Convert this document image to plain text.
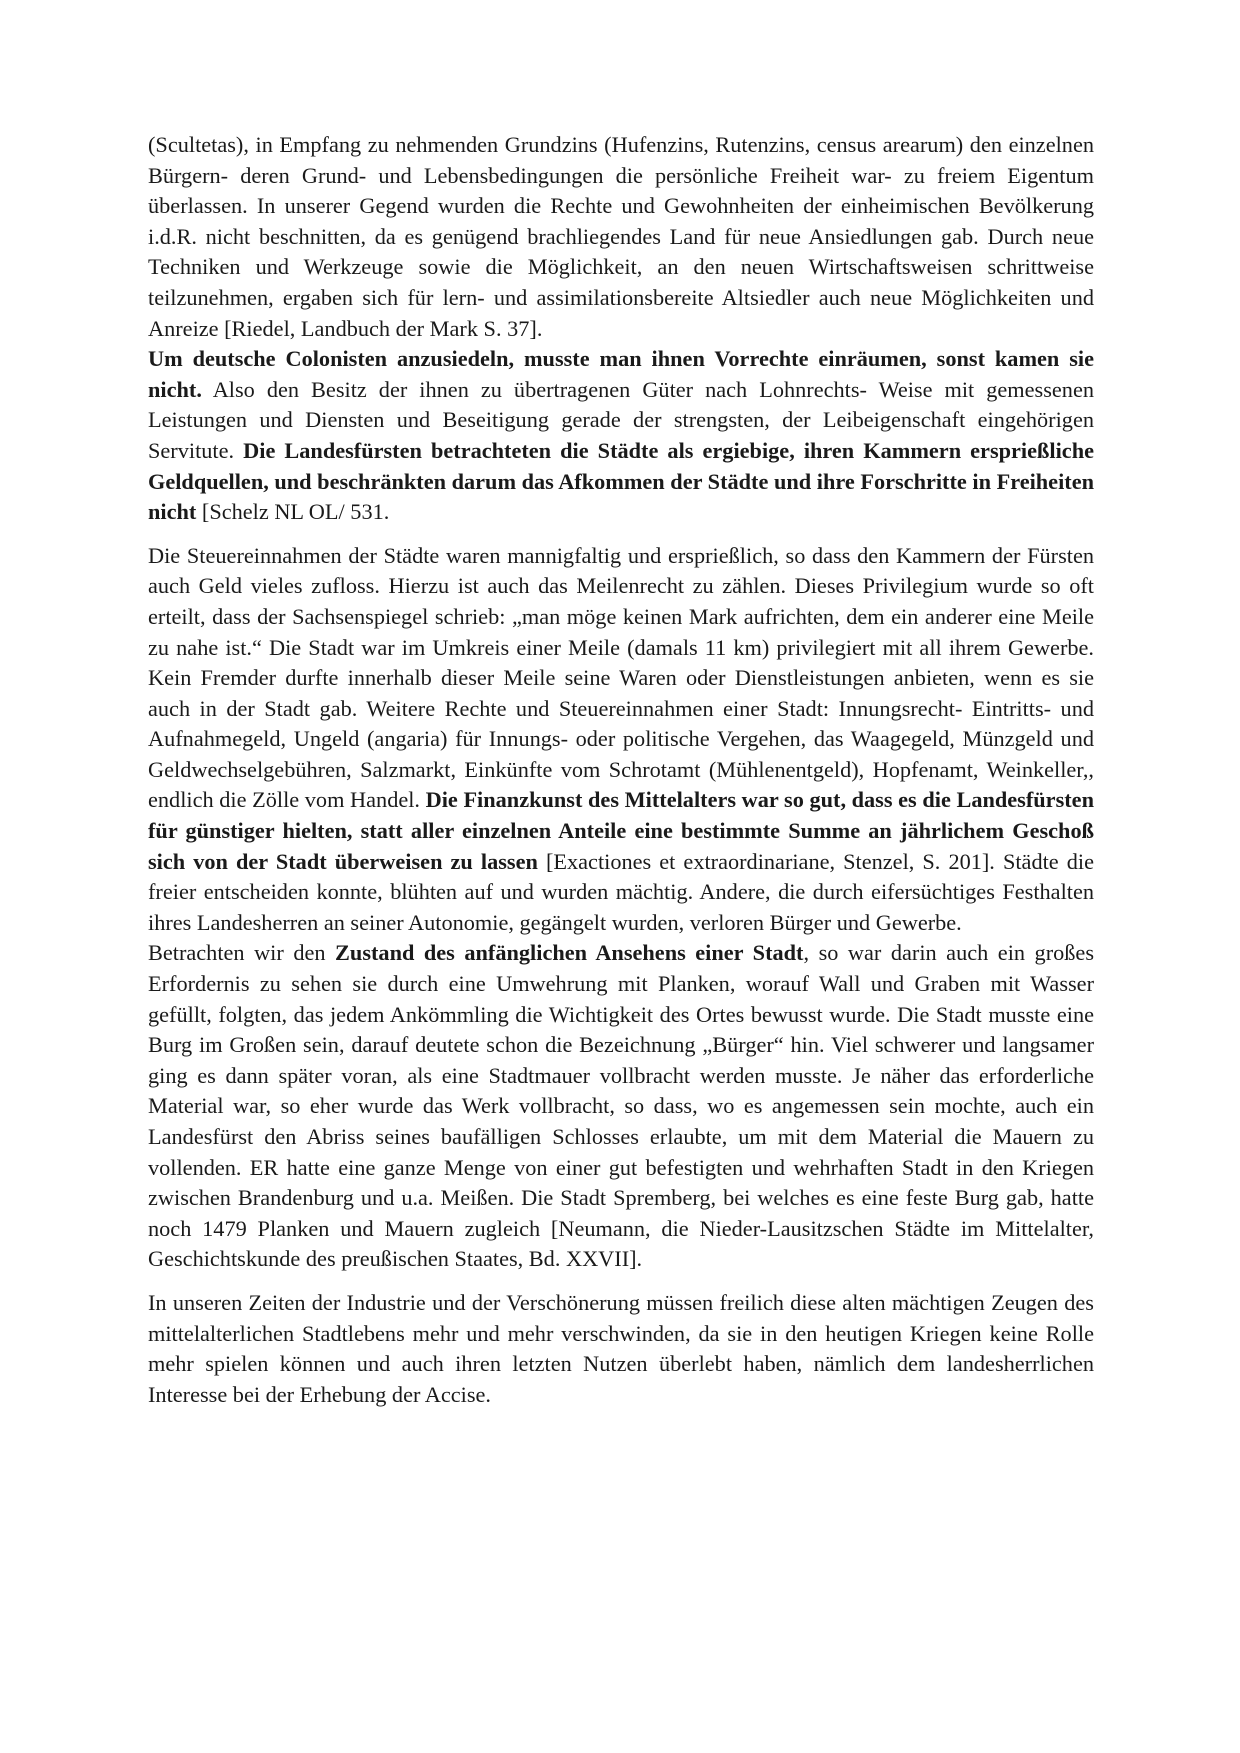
(Scultetas), in Empfang zu nehmenden Grundzins (Hufenzins, Rutenzins, census arearum) den einzelnen Bürgern- deren Grund- und Lebensbedingungen die persönliche Freiheit war- zu freiem Eigentum überlassen. In unserer Gegend wurden die Rechte und Gewohnheiten der einheimischen Bevölkerung i.d.R. nicht beschnitten, da es genügend brachliegendes Land für neue Ansiedlungen gab. Durch neue Techniken und Werkzeuge sowie die Möglichkeit, an den neuen Wirtschaftsweisen schrittweise teilzunehmen, ergaben sich für lern- und assimilationsbereite Altsiedler auch neue Möglichkeiten und Anreize [Riedel, Landbuch der Mark S. 37].

Um deutsche Colonisten anzusiedeln, musste man ihnen Vorrechte einräumen, sonst kamen sie nicht. Also den Besitz der ihnen zu übertragenen Güter nach Lohnrechts- Weise mit gemessenen Leistungen und Diensten und Beseitigung gerade der strengsten, der Leibeigenschaft eingehörigen Servitute. Die Landesfürsten betrachteten die Städte als ergiebige, ihren Kammern ersprießliche Geldquellen, und beschränkten darum das Afkommen der Städte und ihre Forschritte in Freiheiten nicht [Schelz NL OL/ 531.

Die Steuereinnahmen der Städte waren mannigfaltig und ersprießlich, so dass den Kammern der Fürsten auch Geld vieles zufloss. Hierzu ist auch das Meilenrecht zu zählen. Dieses Privilegium wurde so oft erteilt, dass der Sachsenspiegel schrieb: „man möge keinen Mark aufrichten, dem ein anderer eine Meile zu nahe ist.“ Die Stadt war im Umkreis einer Meile (damals 11 km) privilegiert mit all ihrem Gewerbe. Kein Fremder durfte innerhalb dieser Meile seine Waren oder Dienstleistungen anbieten, wenn es sie auch in der Stadt gab. Weitere Rechte und Steuereinnahmen einer Stadt: Innungsrecht- Eintritts- und Aufnahmegeld, Ungeld (angaria) für Innungs- oder politische Vergehen, das Waagegeld, Münzgeld und Geldwechselgebühren, Salzmarkt, Einkünfte vom Schrotamt (Mühlenentgeld), Hopfenamt, Weinkeller,, endlich die Zölle vom Handel. Die Finanzkunst des Mittelalters war so gut, dass es die Landesfürsten für günstiger hielten, statt aller einzelnen Anteile eine bestimmte Summe an jährlichem Geschoß sich von der Stadt überweisen zu lassen [Exactiones et extraordinariane, Stenzel, S. 201]. Städte die freier entscheiden konnte, blühten auf und wurden mächtig. Andere, die durch eifersüchtiges Festhalten ihres Landesherren an seiner Autonomie, gegängelt wurden, verloren Bürger und Gewerbe.

Betrachten wir den Zustand des anfänglichen Ansehens einer Stadt, so war darin auch ein großes Erfordernis zu sehen sie durch eine Umwehrung mit Planken, worauf Wall und Graben mit Wasser gefüllt, folgten, das jedem Ankömmling die Wichtigkeit des Ortes bewusst wurde. Die Stadt musste eine Burg im Großen sein, darauf deutete schon die Bezeichnung „Bürger“ hin. Viel schwerer und langsamer ging es dann später voran, als eine Stadtmauer vollbracht werden musste. Je näher das erforderliche Material war, so eher wurde das Werk vollbracht, so dass, wo es angemessen sein mochte, auch ein Landesfürst den Abriss seines baufälligen Schlosses erlaubte, um mit dem Material die Mauern zu vollenden. ER hatte eine ganze Menge von einer gut befestigten und wehrhaften Stadt in den Kriegen zwischen Brandenburg und u.a. Meißen. Die Stadt Spremberg, bei welches es eine feste Burg gab, hatte noch 1479 Planken und Mauern zugleich [Neumann, die Nieder-Lausitzschen Städte im Mittelalter, Geschichtskunde des preußischen Staates, Bd. XXVII].

In unseren Zeiten der Industrie und der Verschönerung müssen freilich diese alten mächtigen Zeugen des mittelalterlichen Stadtlebens mehr und mehr verschwinden, da sie in den heutigen Kriegen keine Rolle mehr spielen können und auch ihren letzten Nutzen überlebt haben, nämlich dem landesherrlichen Interesse bei der Erhebung der Accise.
